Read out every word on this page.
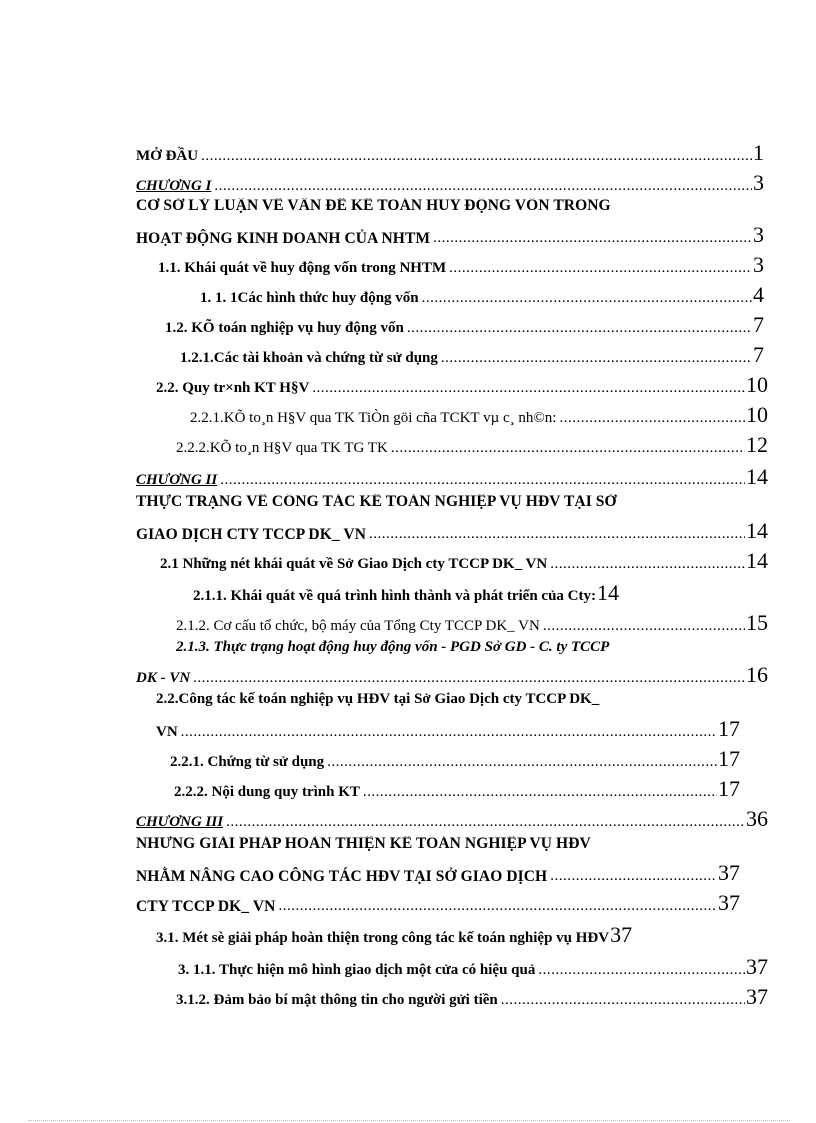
MỞ ĐẦU .....	1
CHƯƠNG I .....	3
CƠ SỞ LÝ LUẬN VỀ VẤN ĐỀ KẾ TOÁN HUY ĐỘNG VỐN TRONG
HOẠT ĐỘNG KINH DOANH CỦA NHTM .....	3
1.1. Khái quát về huy động vốn trong NHTM .....	3
1. 1. 1Các hình thức huy động vốn .....	4
1.2. KÕ toán nghiệp vụ huy động vốn .....	7
1.2.1.Các tài khoản và chứng từ sử dụng .....	7
2.2. Quy tr×nh KT H§V .....	10
2.2.1.KÕ to¸n H§V qua TK TiÒn göi cña TCKT vµ c¸ nh©n: .....	10
2.2.2.KÕ to¸n H§V qua TK TG TK .....	12
CHƯƠNG II .....	14
THỰC TRẠNG VỀ CÔNG TÁC KẾ TOÁN NGHIỆP VỤ HĐV TẠI SỞ
GIAO DỊCH CTY TCCP DK_ VN .....	14
2.1 Những nét khái quát về Sở Giao Dịch cty TCCP DK_ VN .....	14
2.1.1. Khái quát về quá trình hình thành và phát triển của Cty: 14
2.1.2. Cơ cấu tổ chức, bộ máy của Tổng Cty TCCP DK_ VN .....	15
2.1.3. Thực trạng hoạt động huy động vốn - PGD Sở GD - C. ty TCCP
DK - VN .....	16
2.2.Công tác kế toán nghiệp vụ HĐV tại Sở Giao Dịch cty TCCP DK_
VN .....	17
2.2.1. Chứng từ sử dụng .....	17
2.2.2. Nội dung quy trình KT .....	17
CHƯƠNG III .....	36
NHỮNG GIẢI PHÁP HOÀN THIỆN KẾ TOÁN NGHIỆP VỤ HĐV
NHẰM NÂNG CAO CÔNG TÁC HĐV TẠI SỞ GIAO DỊCH .....	37
CTY TCCP DK_ VN .....	37
3.1. Mét sè giải pháp hoàn thiện trong công tác kế toán nghiệp vụ HĐV 37
3. 1.1. Thực hiện mô hình giao dịch một cửa có hiệu quả .....	37
3.1.2. Đảm bảo bí mật thông tin cho người gửi tiền .....	37
